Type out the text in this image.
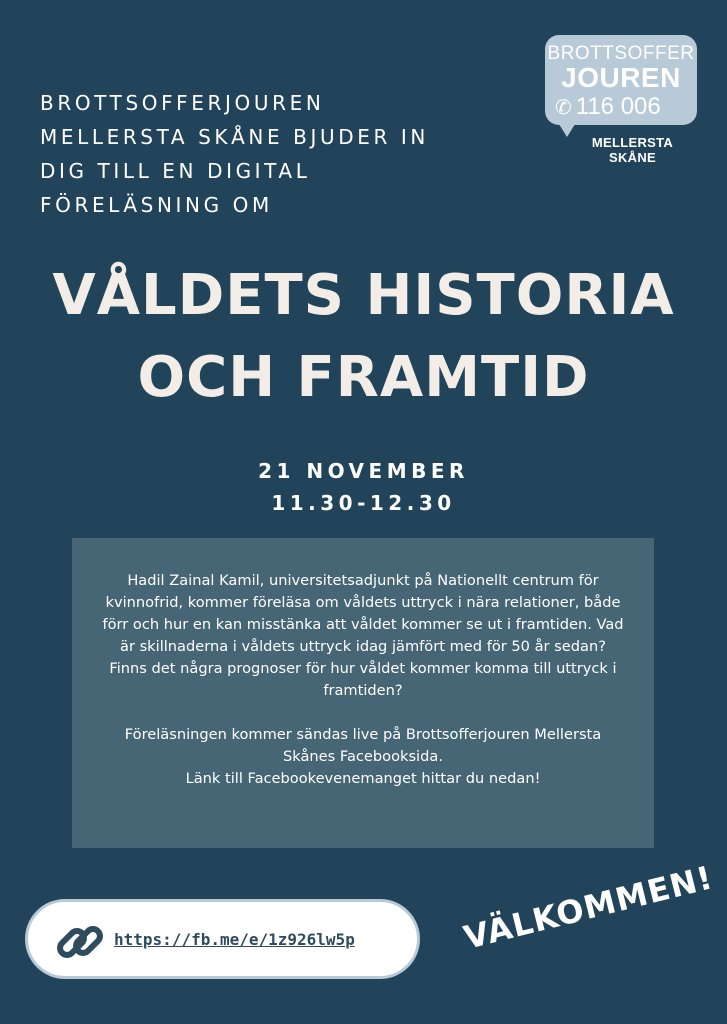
BROTTSOFFERJOUREN
MELLERSTA SKÅNE BJUDER IN
DIG TILL EN DIGITAL
FÖRELÄSNING OM
BROTTSOFFER
JOUREN
✆ 116 006
MELLERSTA
SKÅNE
VÅLDETS HISTORIA
OCH FRAMTID
21 NOVEMBER
11.30-12.30

Hadil Zainal Kamil, universitetsadjunkt på Nationellt centrum för kvinnofrid, kommer föreläsa om våldets uttryck i nära relationer, både förr och hur en kan misstänka att våldet kommer se ut i framtiden. Vad är skillnaderna i våldets uttryck idag jämfört med för 50 år sedan? Finns det några prognoser för hur våldet kommer komma till uttryck i framtiden?

Föreläsningen kommer sändas live på Brottsofferjouren Mellersta Skånes Facebooksida.

Länk till Facebookevenemanget hittar du nedan!

https://fb.me/e/1z926lw5p	VÄLKOMMEN!
